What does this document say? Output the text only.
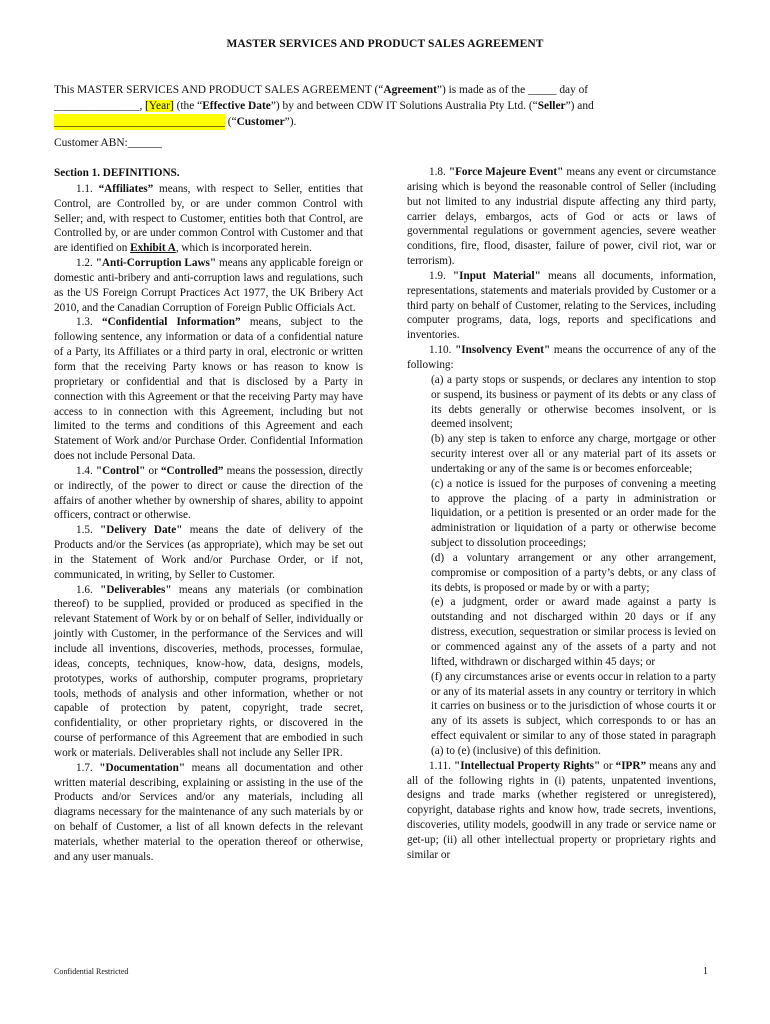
MASTER SERVICES AND PRODUCT SALES AGREEMENT
This MASTER SERVICES AND PRODUCT SALES AGREEMENT (“Agreement”) is made as of the _____ day of
_______________, [Year] (the “Effective Date”) by and between CDW IT Solutions Australia Pty Ltd. (“Seller”) and
______________________________ (“Customer”).
Customer ABN:______

Section 1. DEFINITIONS.

1.1. “Affiliates” means, with respect to Seller, entities that Control, are Controlled by, or are under common Control with Seller; and, with respect to Customer, entities both that Control, are Controlled by, or are under common Control with Customer and that are identified on Exhibit A, which is incorporated herein.

1.2. "Anti-Corruption Laws" means any applicable foreign or domestic anti-bribery and anti-corruption laws and regulations, such as the US Foreign Corrupt Practices Act 1977, the UK Bribery Act 2010, and the Canadian Corruption of Foreign Public Officials Act.

1.3. “Confidential Information” means, subject to the following sentence, any information or data of a confidential nature of a Party, its Affiliates or a third party in oral, electronic or written form that the receiving Party knows or has reason to know is proprietary or confidential and that is disclosed by a Party in connection with this Agreement or that the receiving Party may have access to in connection with this Agreement, including but not limited to the terms and conditions of this Agreement and each Statement of Work and/or Purchase Order. Confidential Information does not include Personal Data.

1.4. "Control" or “Controlled” means the possession, directly or indirectly, of the power to direct or cause the direction of the affairs of another whether by ownership of shares, ability to appoint officers, contract or otherwise.

1.5. "Delivery Date" means the date of delivery of the Products and/or the Services (as appropriate), which may be set out in the Statement of Work and/or Purchase Order, or if not, communicated, in writing, by Seller to Customer.

1.6. "Deliverables" means any materials (or combination thereof) to be supplied, provided or produced as specified in the relevant Statement of Work by or on behalf of Seller, individually or jointly with Customer, in the performance of the Services and will include all inventions, discoveries, methods, processes, formulae, ideas, concepts, techniques, know-how, data, designs, models, prototypes, works of authorship, computer programs, proprietary tools, methods of analysis and other information, whether or not capable of protection by patent, copyright, trade secret, confidentiality, or other proprietary rights, or discovered in the course of performance of this Agreement that are embodied in such work or materials. Deliverables shall not include any Seller IPR.

1.7. "Documentation" means all documentation and other written material describing, explaining or assisting in the use of the Products and/or Services and/or any materials, including all diagrams necessary for the maintenance of any such materials by or on behalf of Customer, a list of all known defects in the relevant materials, whether material to the operation thereof or otherwise, and any user manuals.

1.8. "Force Majeure Event" means any event or circumstance arising which is beyond the reasonable control of Seller (including but not limited to any industrial dispute affecting any third party, carrier delays, embargos, acts of God or acts or laws of governmental regulations or government agencies, severe weather conditions, fire, flood, disaster, failure of power, civil riot, war or terrorism).

1.9. "Input Material" means all documents, information, representations, statements and materials provided by Customer or a third party on behalf of Customer, relating to the Services, including computer programs, data, logs, reports and specifications and inventories.

1.10. "Insolvency Event" means the occurrence of any of the following:

(a) a party stops or suspends, or declares any intention to stop or suspend, its business or payment of its debts or any class of its debts generally or otherwise becomes insolvent, or is deemed insolvent;

(b) any step is taken to enforce any charge, mortgage or other security interest over all or any material part of its assets or undertaking or any of the same is or becomes enforceable;

(c) a notice is issued for the purposes of convening a meeting to approve the placing of a party in administration or liquidation, or a petition is presented or an order made for the administration or liquidation of a party or otherwise become subject to dissolution proceedings;

(d) a voluntary arrangement or any other arrangement, compromise or composition of a party’s debts, or any class of its debts, is proposed or made by or with a party;

(e) a judgment, order or award made against a party is outstanding and not discharged within 20 days or if any distress, execution, sequestration or similar process is levied on or commenced against any of the assets of a party and not lifted, withdrawn or discharged within 45 days; or

(f) any circumstances arise or events occur in relation to a party or any of its material assets in any country or territory in which it carries on business or to the jurisdiction of whose courts it or any of its assets is subject, which corresponds to or has an effect equivalent or similar to any of those stated in paragraph (a) to (e) (inclusive) of this definition.

1.11. "Intellectual Property Rights" or “IPR” means any and all of the following rights in (i) patents, unpatented inventions, designs and trade marks (whether registered or unregistered), copyright, database rights and know how, trade secrets, inventions, discoveries, utility models, goodwill in any trade or service name or get-up; (ii) all other intellectual property or proprietary rights and similar or

Confidential Restricted	1
